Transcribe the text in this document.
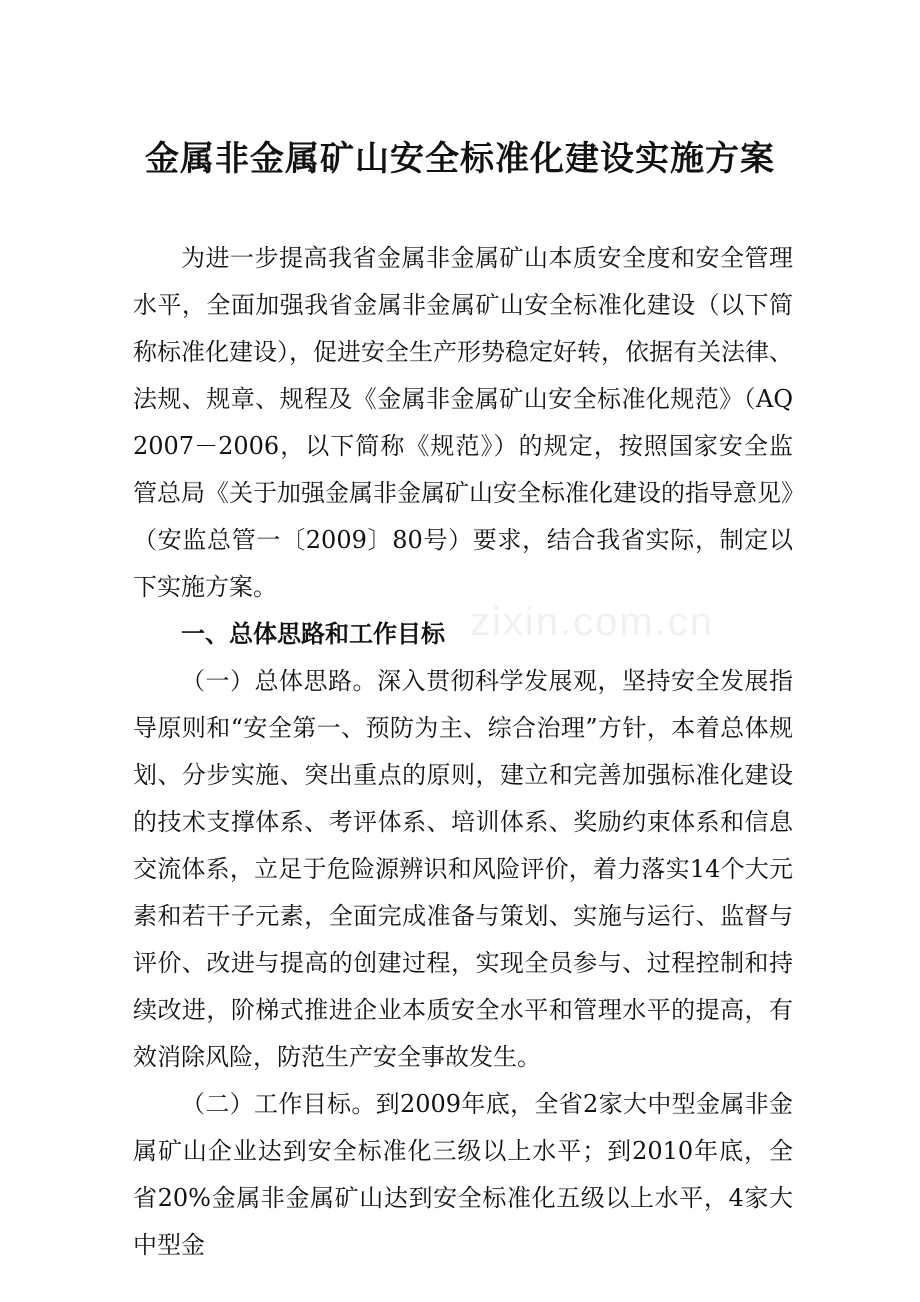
金属非金属矿山安全标准化建设实施方案

为进一步提高我省金属非金属矿山本质安全度和安全管理水平，全面加强我省金属非金属矿山安全标准化建设（以下简称标准化建设），促进安全生产形势稳定好转，依据有关法律、法规、规章、规程及《金属非金属矿山安全标准化规范》（AQ2007－2006，以下简称《规范》）的规定，按照国家安全监管总局《关于加强金属非金属矿山安全标准化建设的指导意见》（安监总管一〔2009〕80号）要求，结合我省实际，制定以下实施方案。

一、总体思路和工作目标

（一）总体思路。深入贯彻科学发展观，坚持安全发展指导原则和“安全第一、预防为主、综合治理”方针，本着总体规划、分步实施、突出重点的原则，建立和完善加强标准化建设的技术支撑体系、考评体系、培训体系、奖励约束体系和信息交流体系，立足于危险源辨识和风险评价，着力落实14个大元素和若干子元素，全面完成准备与策划、实施与运行、监督与评价、改进与提高的创建过程，实现全员参与、过程控制和持续改进，阶梯式推进企业本质安全水平和管理水平的提高，有效消除风险，防范生产安全事故发生。

（二）工作目标。到2009年底，全省2家大中型金属非金属矿山企业达到安全标准化三级以上水平；到2010年底，全省20%金属非金属矿山达到安全标准化五级以上水平，4家大中型金

zixin.com.cn
